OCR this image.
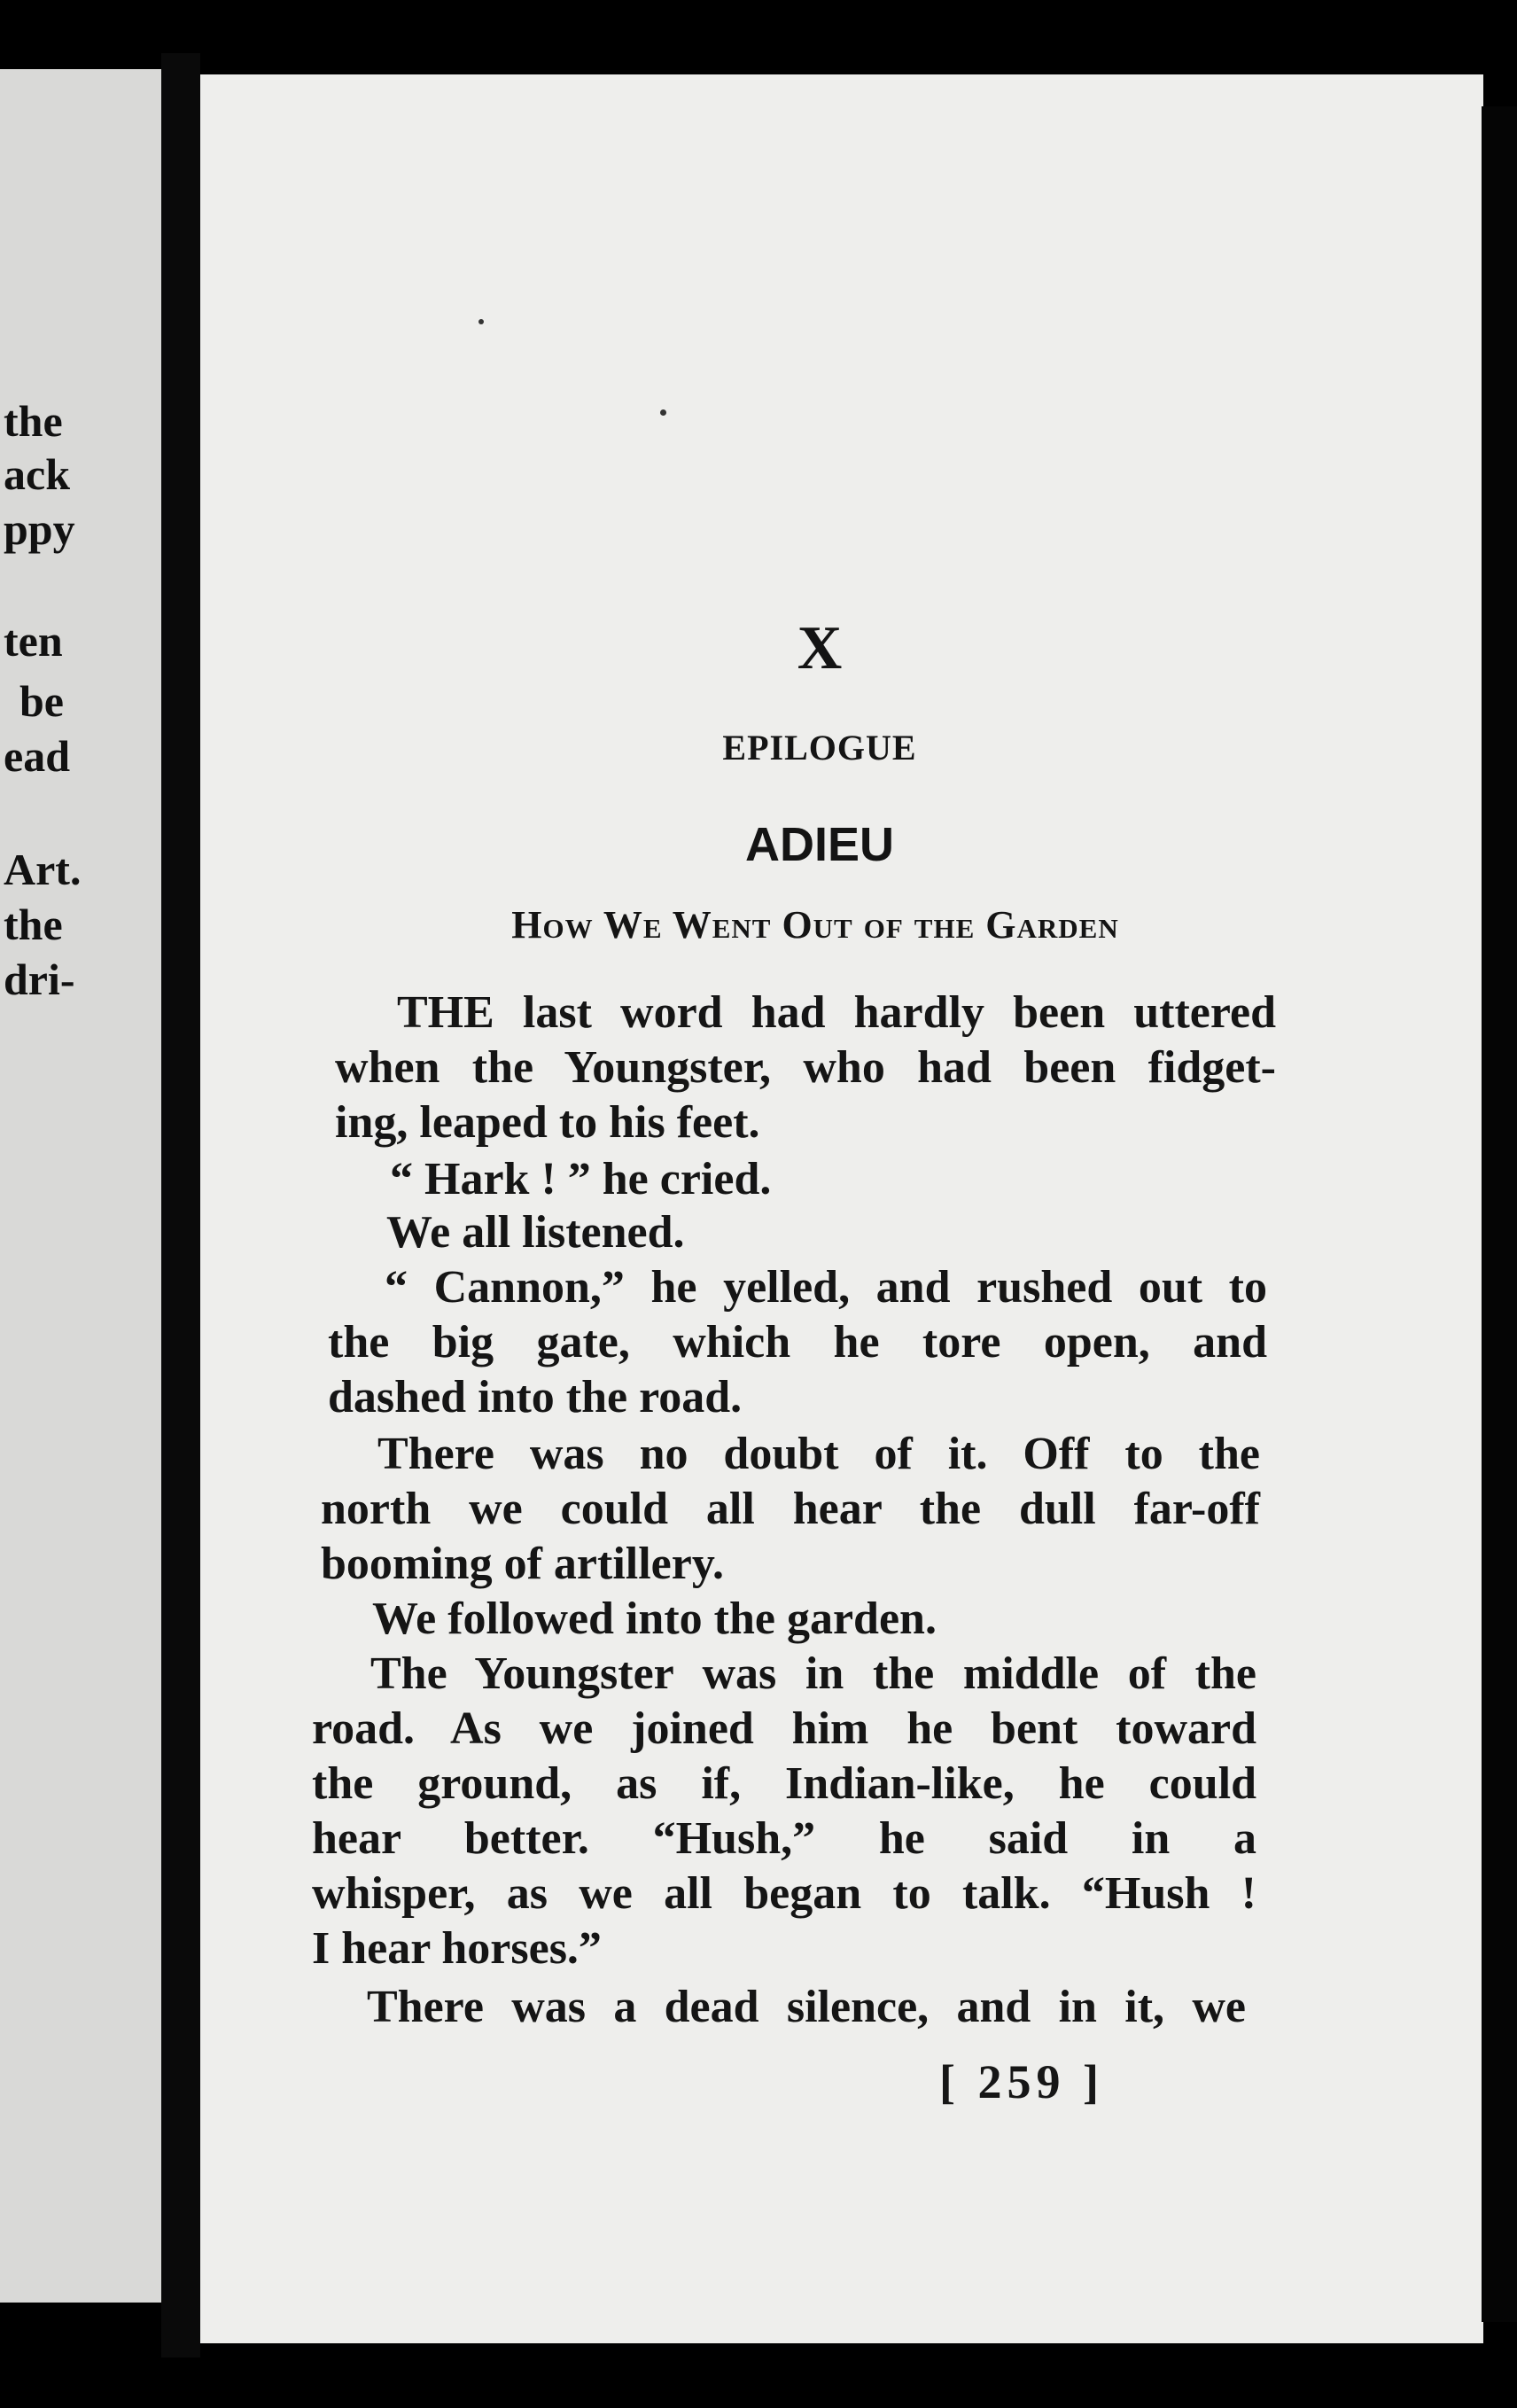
the
ack
ppy
ten
be
ead
Art.
the
dri-
X
EPILOGUE
ADIEU
How We Went Out of the Garden
THE last word had hardly been uttered
when the Youngster, who had been fidget-
ing, leaped to his feet.
“ Hark ! ” he cried.
We all listened.
“ Cannon,” he yelled, and rushed out to
the big gate, which he tore open, and
dashed into the road.
There was no doubt of it. Off to the
north we could all hear the dull far-off
booming of artillery.
We followed into the garden.
The Youngster was in the middle of the
road. As we joined him he bent toward
the ground, as if, Indian-like, he could
hear better. “Hush,” he said in a
whisper, as we all began to talk. “Hush !
I hear horses.”
There was a dead silence, and in it, we
[ 259 ]
